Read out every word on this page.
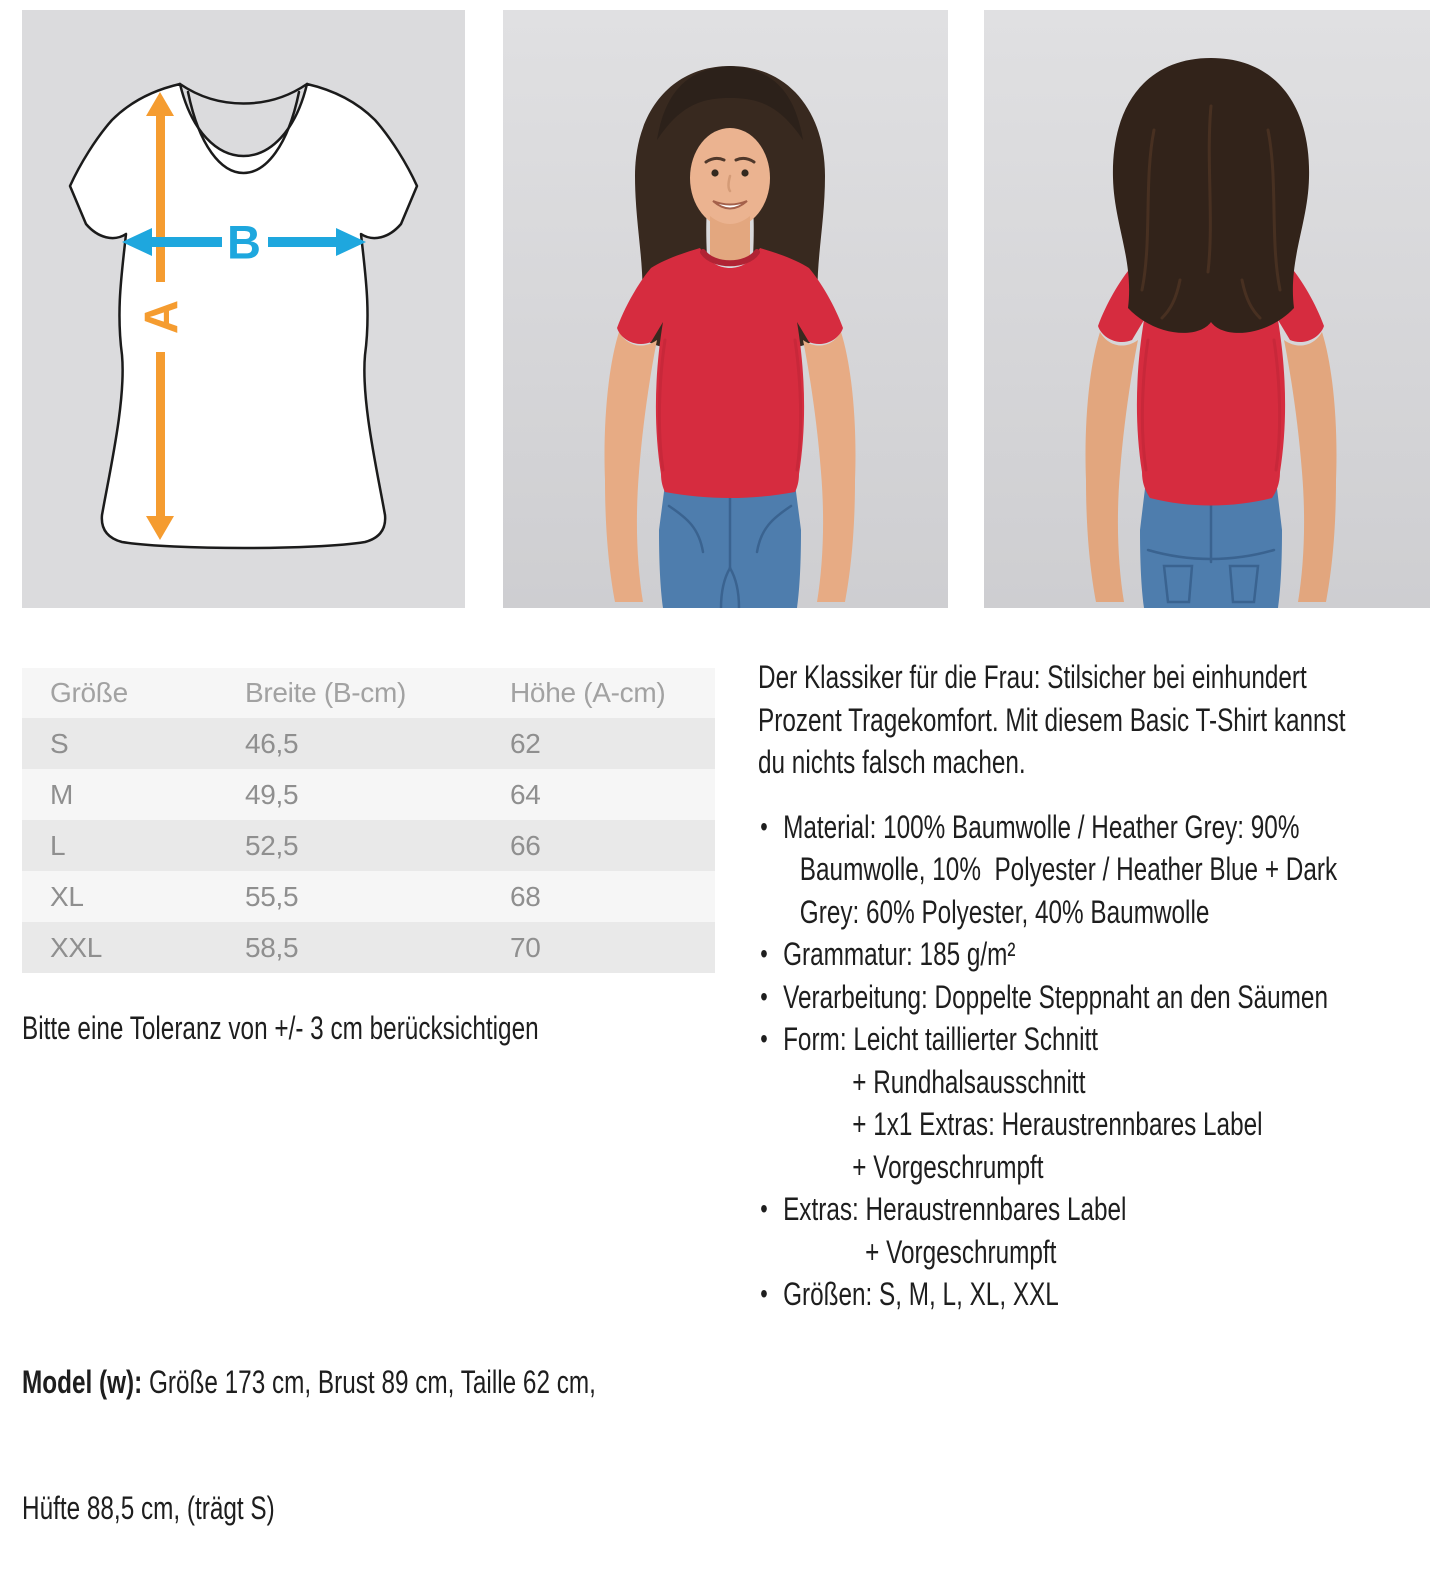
A
B
Größe	Breite (B-cm)	Höhe (A-cm)
S	46,5	62
M	49,5	64
L	52,5	66
XL	55,5	68
XXL	58,5	70
Bitte eine Toleranz von +/- 3 cm berücksichtigen

Model (w): Größe 173 cm, Brust 89 cm, Taille 62 cm,

Hüfte 88,5 cm, (trägt S)

Der Klassiker für die Frau: Stilsicher bei einhundert
Prozent Tragekomfort. Mit diesem Basic T-Shirt kannst
du nichts falsch machen.
• Material: 100% Baumwolle / Heather Grey: 90%
Baumwolle, 10%  Polyester / Heather Blue + Dark
Grey: 60% Polyester, 40% Baumwolle
• Grammatur: 185 g/m²
• Verarbeitung: Doppelte Steppnaht an den Säumen
• Form: Leicht taillierter Schnitt
+ Rundhalsausschnitt
+ 1x1 Extras: Heraustrennbares Label
+ Vorgeschrumpft
• Extras: Heraustrennbares Label
+ Vorgeschrumpft
• Größen: S, M, L, XL, XXL
